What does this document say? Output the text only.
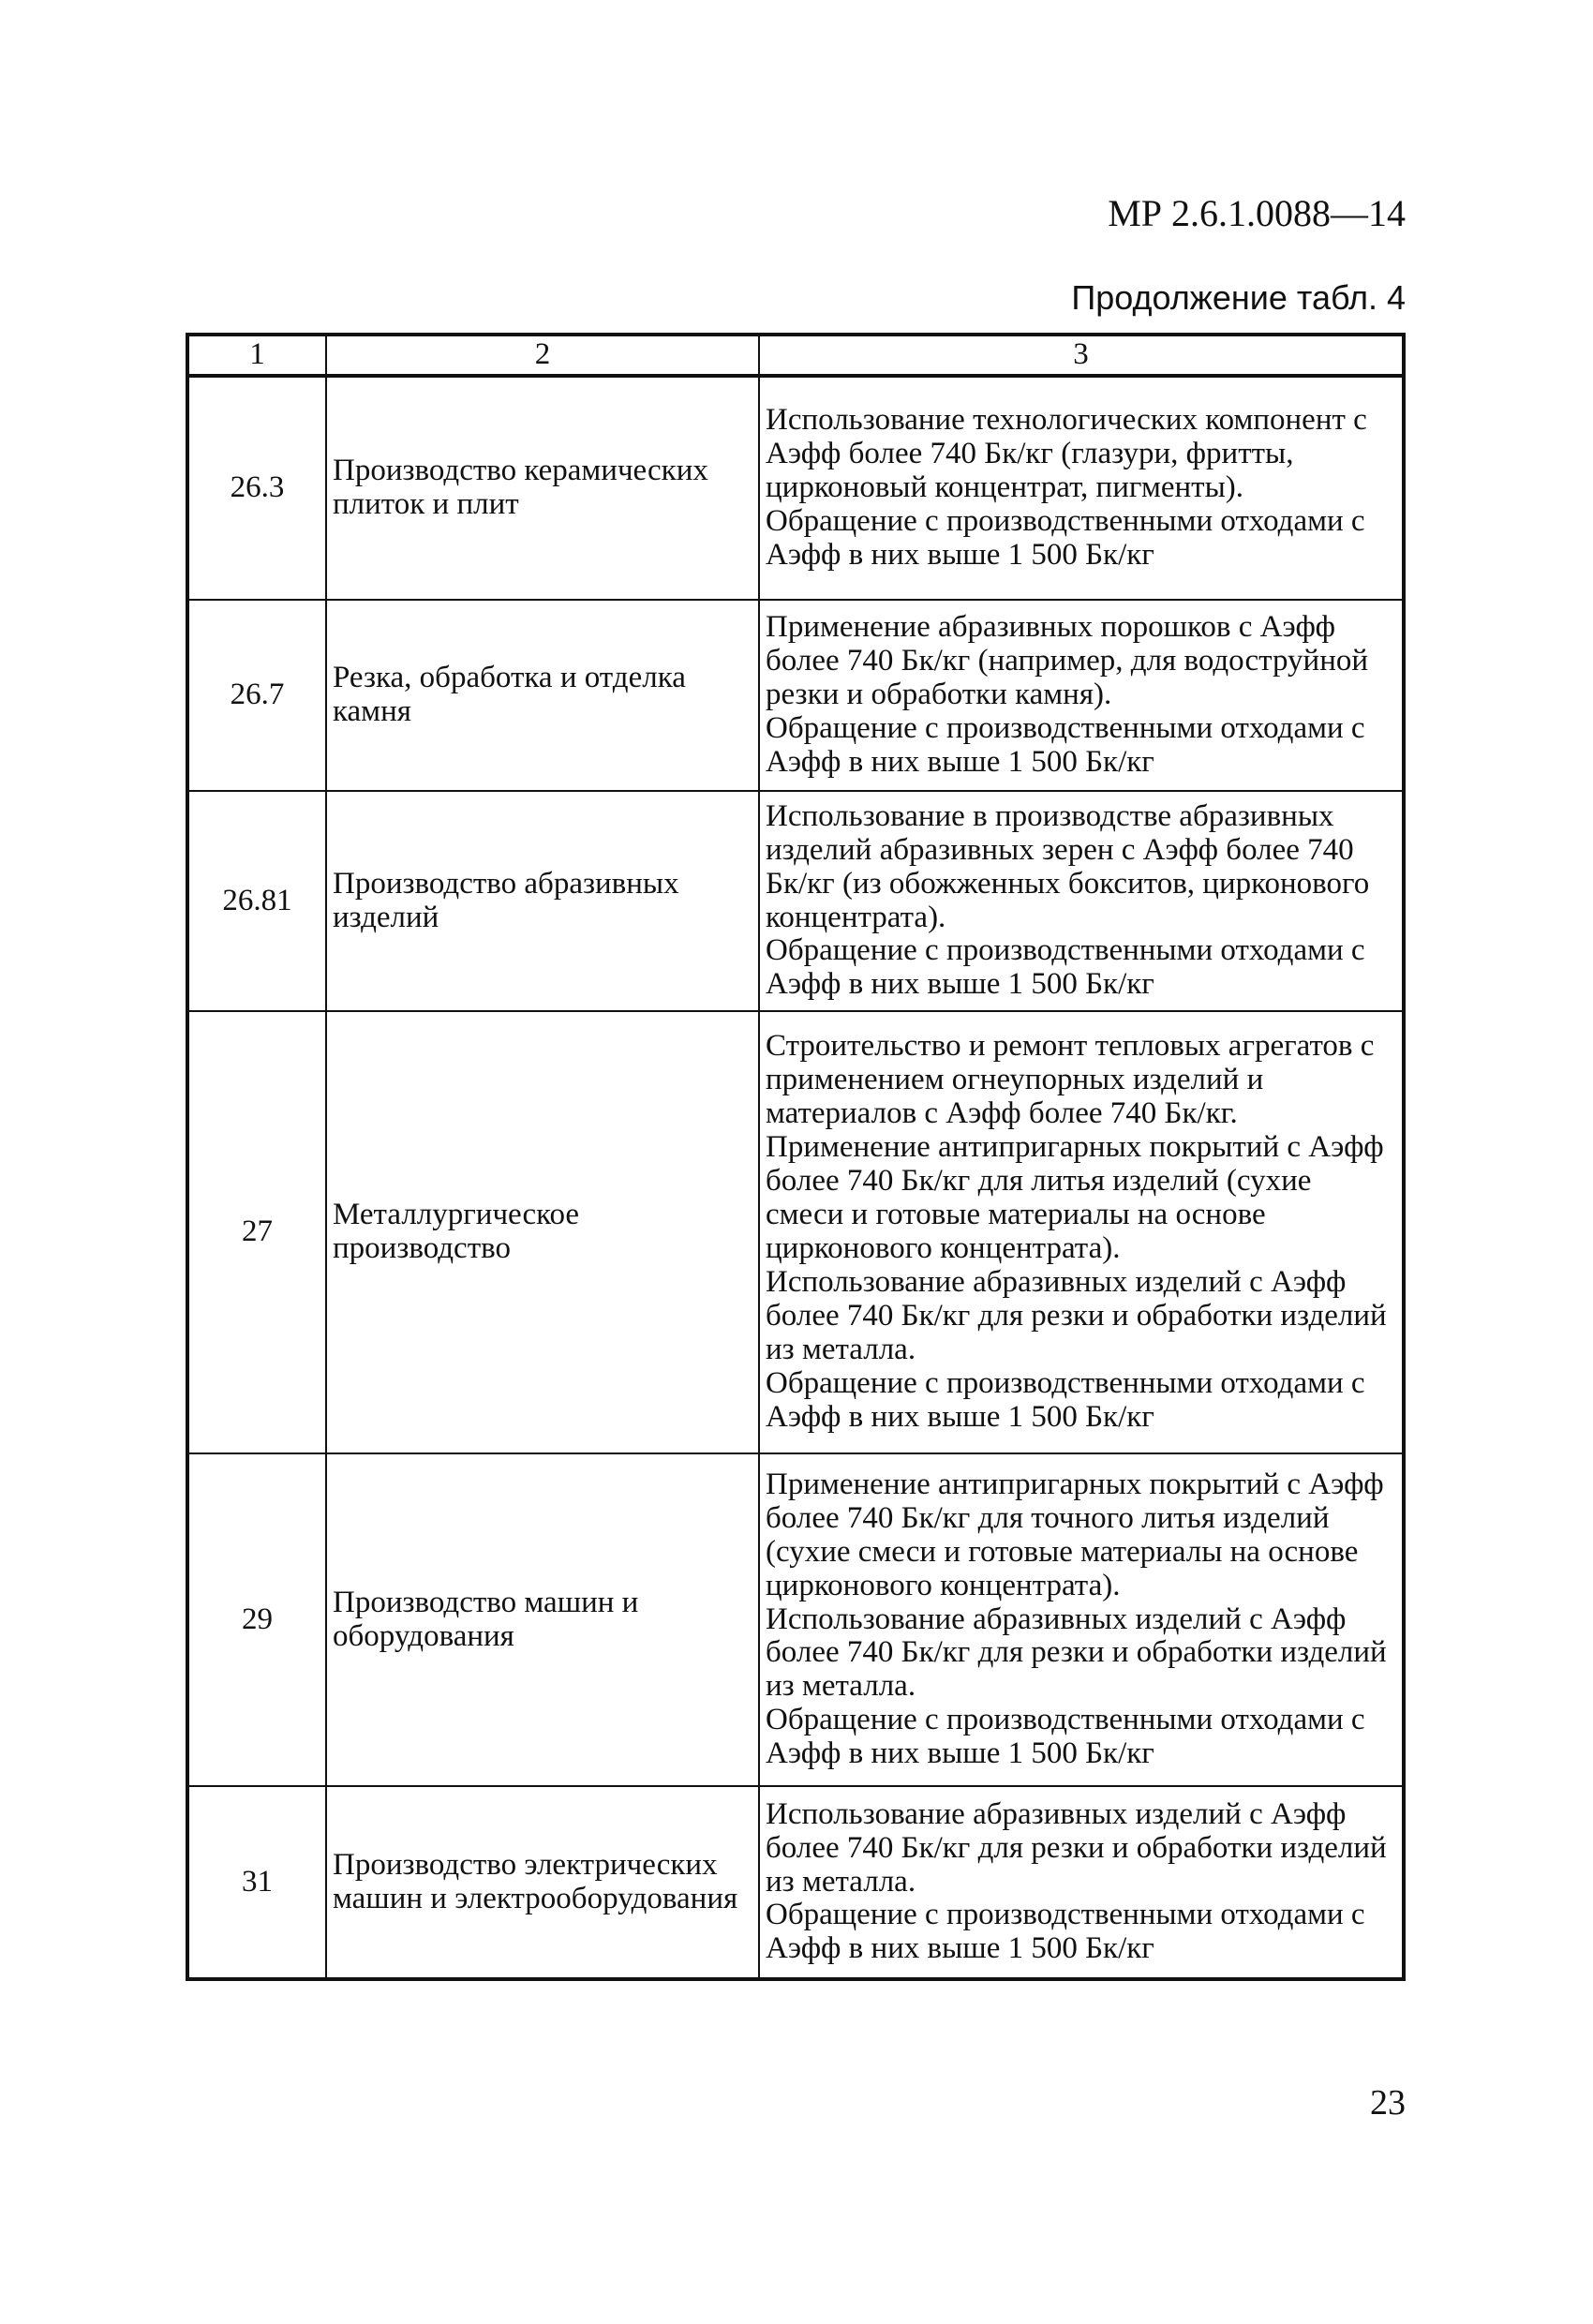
МР 2.6.1.0088—14
Продолжение табл. 4
1	2	3
26.3	Производство керамических плиток и плит	Использование технологических компонент с Аэфф более 740 Бк/кг (глазури, фритты, цирконовый концентрат, пигменты).

Обращение с производственными отходами с Аэфф в них выше 1 500 Бк/кг

26.7	Резка, обработка и отделка камня	Применение абразивных порошков с Аэфф более 740 Бк/кг (например, для водоструйной резки и обработки камня).

Обращение с производственными отходами с Аэфф в них выше 1 500 Бк/кг

26.81	Производство абразивных изделий	Использование в производстве абразивных изделий абразивных зерен с Аэфф более 740 Бк/кг (из обожженных бокситов, цирконового концентрата).

Обращение с производственными отходами с Аэфф в них выше 1 500 Бк/кг

27	Металлургическое производство	Строительство и ремонт тепловых агрегатов с применением огнеупорных изделий и материалов с Аэфф более 740 Бк/кг.

Применение антипригарных покрытий с Аэфф более 740 Бк/кг для литья изделий (сухие смеси и готовые материалы на основе цирконового концентрата).

Использование абразивных изделий с Аэфф более 740 Бк/кг для резки и обработки изделий из металла.

Обращение с производственными отходами с Аэфф в них выше 1 500 Бк/кг

29	Производство машин и оборудования	Применение антипригарных покрытий с Аэфф более 740 Бк/кг для точного литья изделий (сухие смеси и готовые материалы на основе цирконового концентрата).

Использование абразивных изделий с Аэфф более 740 Бк/кг для резки и обработки изделий из металла.

Обращение с производственными отходами с Аэфф в них выше 1 500 Бк/кг

31	Производство электрических машин и электрооборудования	Использование абразивных изделий с Аэфф более 740 Бк/кг для резки и обработки изделий из металла.

Обращение с производственными отходами с Аэфф в них выше 1 500 Бк/кг

23
